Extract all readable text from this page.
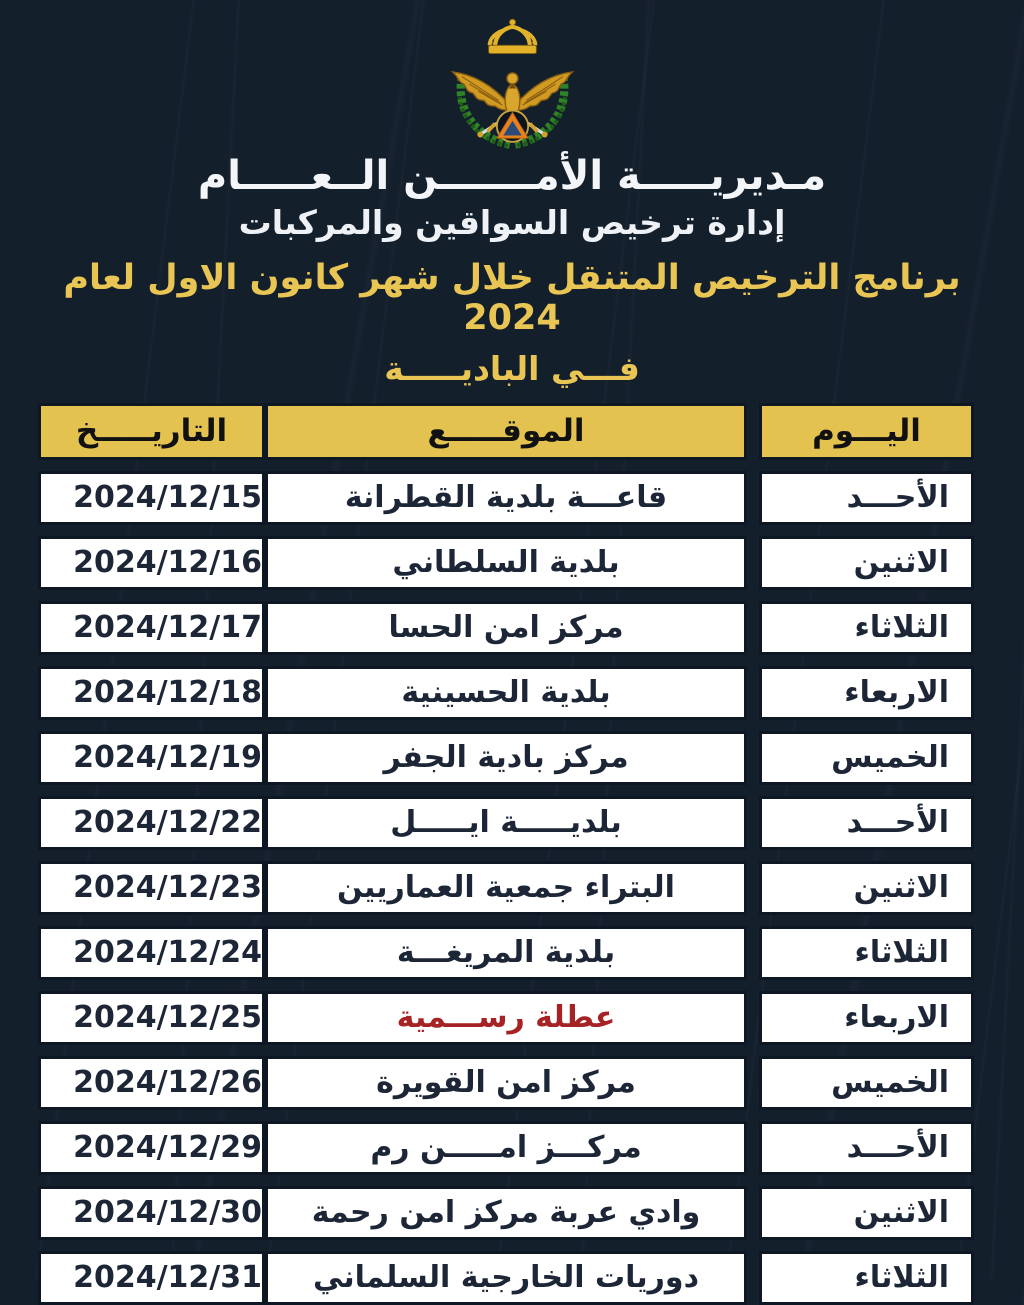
مـديريـــــة الأمـــــــن الــعـــــام
إدارة ترخيص السواقين والمركبات
برنامج الترخيص المتنقل خلال شهر كانون الاول لعام 2024
فـــي الباديـــــة
اليـــوم
الموقـــــع
التاريـــــخ
الأحـــد
قاعـــة بلدية القطرانة
2024/12/15
الاثنين
بلدية السلطاني
2024/12/16
الثلاثاء
مركز امن الحسا
2024/12/17
الاربعاء
بلدية الحسينية
2024/12/18
الخميس
مركز بادية الجفر
2024/12/19
الأحـــد
بلديـــــة ايـــــل
2024/12/22
الاثنين
البتراء جمعية العماريين
2024/12/23
الثلاثاء
بلدية المريغـــة
2024/12/24
الاربعاء
عطلة رســـمية
2024/12/25
الخميس
مركز امن القويرة
2024/12/26
الأحـــد
مركـــز امـــــن رم
2024/12/29
الاثنين
وادي عربة مركز امن رحمة
2024/12/30
الثلاثاء
دوريات الخارجية السلماني
2024/12/31
